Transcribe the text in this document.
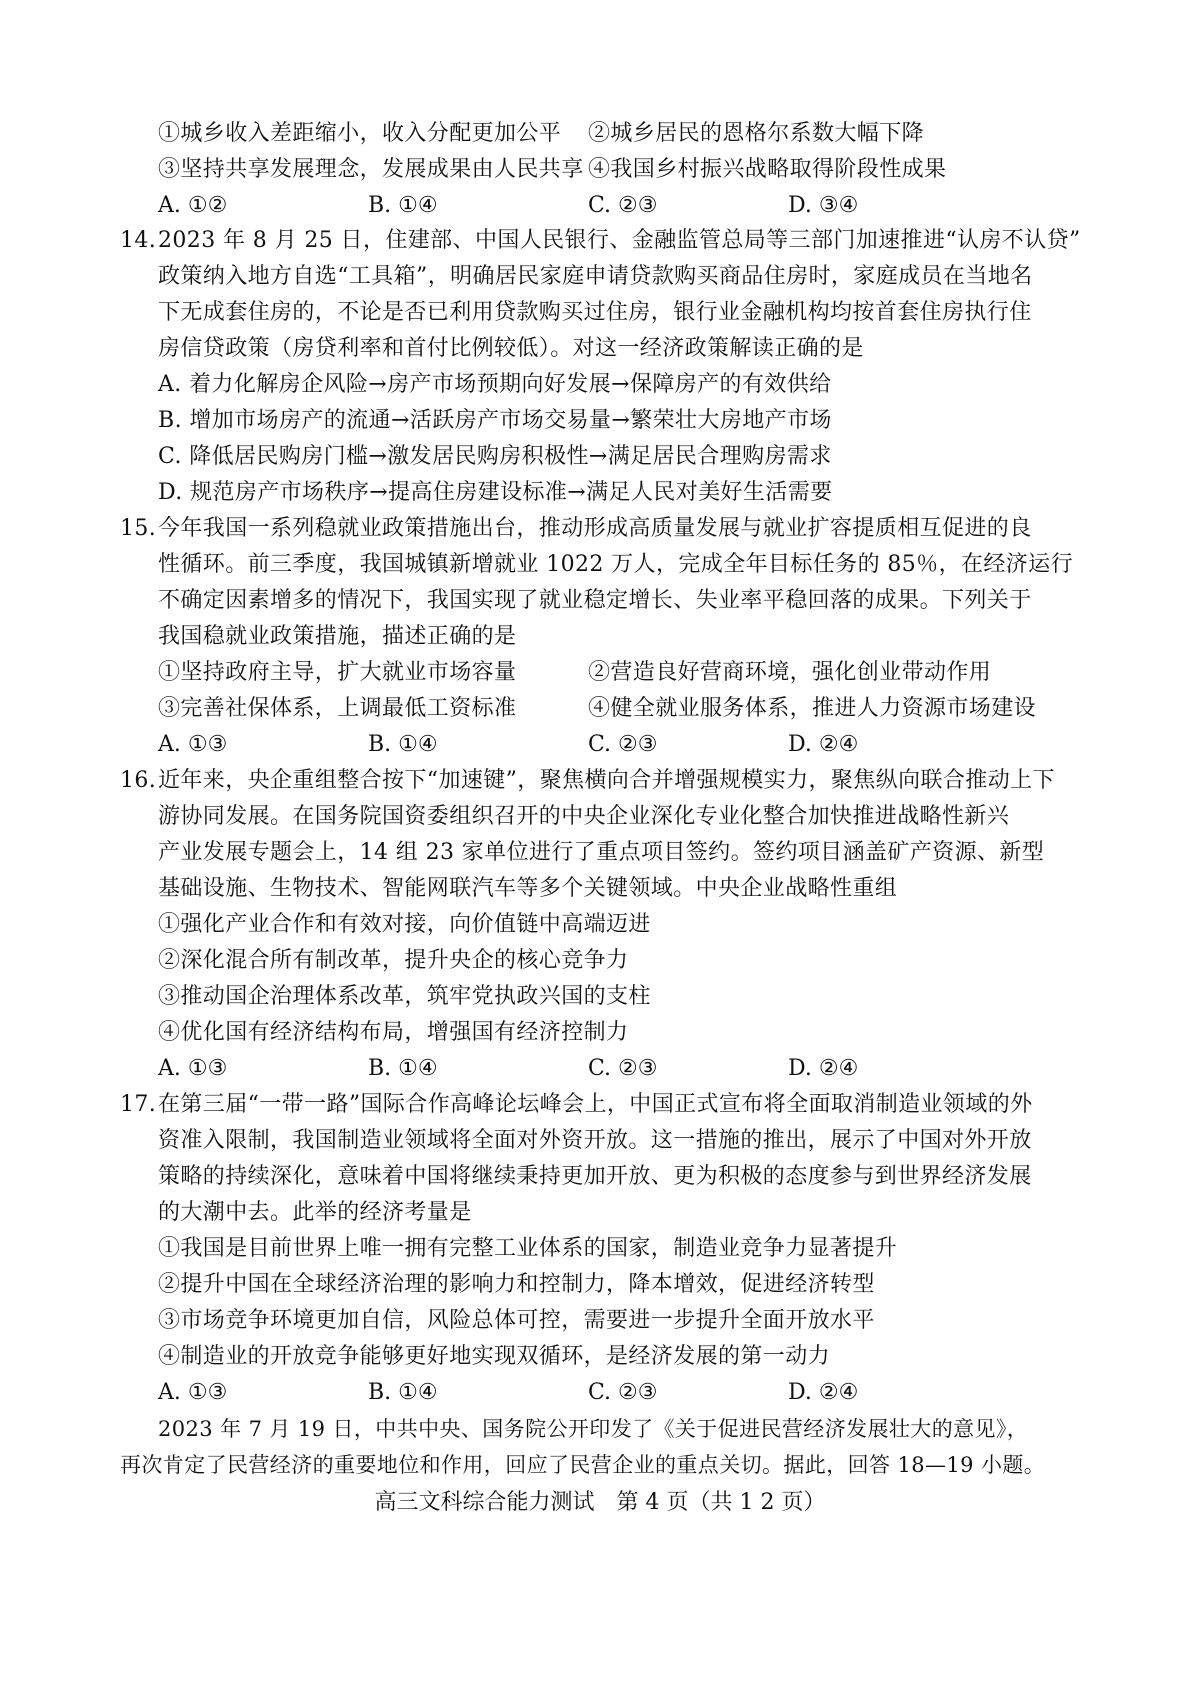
①城乡收入差距缩小，收入分配更加公平 ②城乡居民的恩格尔系数大幅下降
③坚持共享发展理念，发展成果由人民共享 ④我国乡村振兴战略取得阶段性成果
A. ①②	B. ①④	C. ②③	D. ③④
14. 2023 年 8 月 25 日，住建部、中国人民银行、金融监管总局等三部门加速推进“认房不认贷”
政策纳入地方自选“工具箱”，明确居民家庭申请贷款购买商品住房时，家庭成员在当地名
下无成套住房的，不论是否已利用贷款购买过住房，银行业金融机构均按首套住房执行住
房信贷政策（房贷利率和首付比例较低）。对这一经济政策解读正确的是
A. 着力化解房企风险→房产市场预期向好发展→保障房产的有效供给
B. 增加市场房产的流通→活跃房产市场交易量→繁荣壮大房地产市场
C. 降低居民购房门槛→激发居民购房积极性→满足居民合理购房需求
D. 规范房产市场秩序→提高住房建设标准→满足人民对美好生活需要
15. 今年我国一系列稳就业政策措施出台，推动形成高质量发展与就业扩容提质相互促进的良
性循环。前三季度，我国城镇新增就业 1022 万人，完成全年目标任务的 85％，在经济运行
不确定因素增多的情况下，我国实现了就业稳定增长、失业率平稳回落的成果。下列关于
我国稳就业政策措施，描述正确的是
①坚持政府主导，扩大就业市场容量	②营造良好营商环境，强化创业带动作用
③完善社保体系，上调最低工资标准	④健全就业服务体系，推进人力资源市场建设
A. ①③	B. ①④	C. ②③	D. ②④
16. 近年来，央企重组整合按下“加速键”，聚焦横向合并增强规模实力，聚焦纵向联合推动上下
游协同发展。在国务院国资委组织召开的中央企业深化专业化整合加快推进战略性新兴
产业发展专题会上，14 组 23 家单位进行了重点项目签约。签约项目涵盖矿产资源、新型
基础设施、生物技术、智能网联汽车等多个关键领域。中央企业战略性重组
①强化产业合作和有效对接，向价值链中高端迈进
②深化混合所有制改革，提升央企的核心竞争力
③推动国企治理体系改革，筑牢党执政兴国的支柱
④优化国有经济结构布局，增强国有经济控制力
A. ①③	B. ①④	C. ②③	D. ②④
17. 在第三届“一带一路”国际合作高峰论坛峰会上，中国正式宣布将全面取消制造业领域的外
资准入限制，我国制造业领域将全面对外资开放。这一措施的推出，展示了中国对外开放
策略的持续深化，意味着中国将继续秉持更加开放、更为积极的态度参与到世界经济发展
的大潮中去。此举的经济考量是
①我国是目前世界上唯一拥有完整工业体系的国家，制造业竞争力显著提升
②提升中国在全球经济治理的影响力和控制力，降本增效，促进经济转型
③市场竞争环境更加自信，风险总体可控，需要进一步提升全面开放水平
④制造业的开放竞争能够更好地实现双循环，是经济发展的第一动力
A. ①③	B. ①④	C. ②③	D. ②④
2023 年 7 月 19 日，中共中央、国务院公开印发了《关于促进民营经济发展壮大的意见》，
再次肯定了民营经济的重要地位和作用，回应了民营企业的重点关切。据此，回答 18—19 小题。
高三文科综合能力测试　第 4 页（共 1 2 页）
